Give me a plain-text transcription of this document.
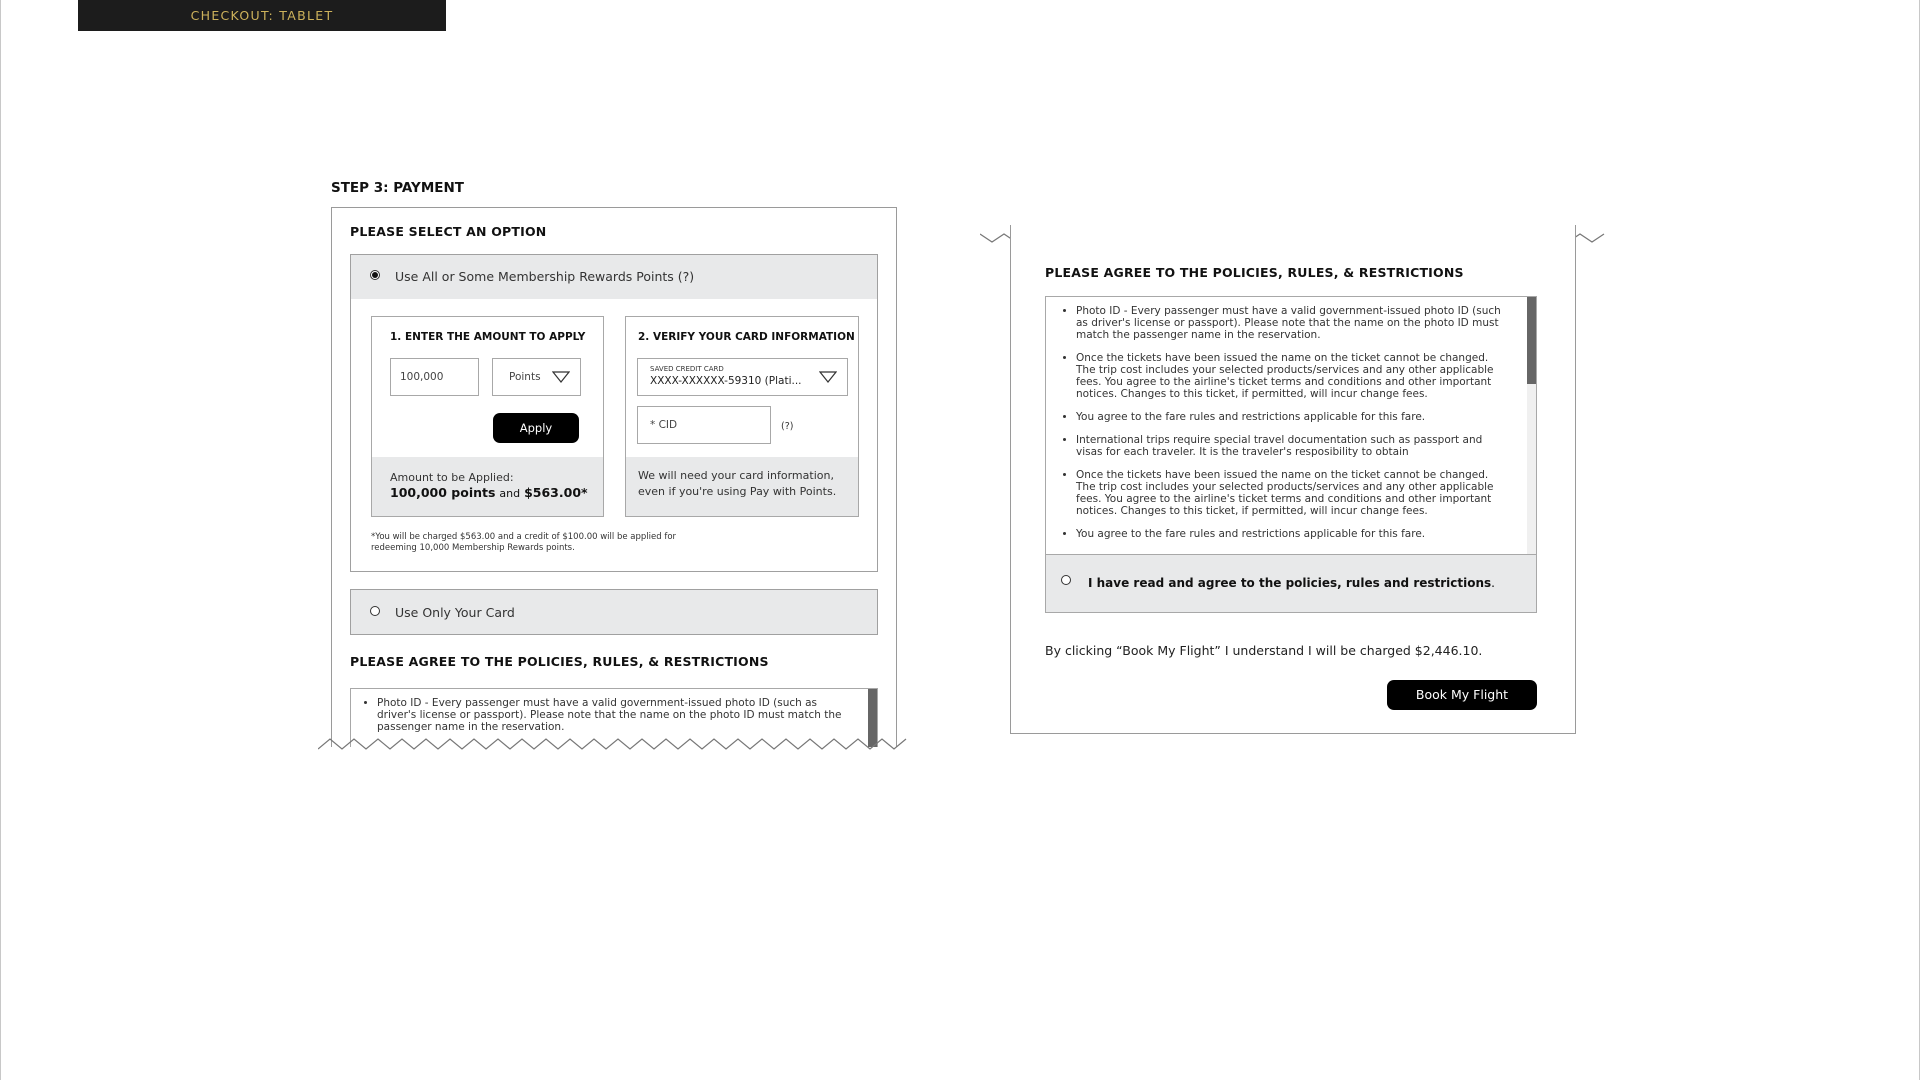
CHECKOUT: TABLET
STEP 3: PAYMENT
PLEASE SELECT AN OPTION
Use All or Some Membership Rewards Points (?)
1. ENTER THE AMOUNT TO APPLY
100,000	Points
Apply
Amount to be Applied:
100,000 points and $563.00*
2. VERIFY YOUR CARD INFORMATION
SAVED CREDIT CARD
XXXX-XXXXXX-59310 (Plati...
* CID	(?)
We will need your card information,
even if you're using Pay with Points.
*You will be charged $563.00 and a credit of $100.00 will be applied for
redeeming 10,000 Membership Rewards points.
Use Only Your Card
PLEASE AGREE TO THE POLICIES, RULES, & RESTRICTIONS
• Photo ID - Every passenger must have a valid government-issued photo ID (such as driver's license or passport). Please note that the name on the photo ID must match the passenger name in the reservation.
PLEASE AGREE TO THE POLICIES, RULES, & RESTRICTIONS
• Photo ID - Every passenger must have a valid government-issued photo ID (such as driver's license or passport). Please note that the name on the photo ID must match the passenger name in the reservation.
• Once the tickets have been issued the name on the ticket cannot be changed. The trip cost includes your selected products/services and any other applicable fees. You agree to the airline's ticket terms and conditions and other important notices. Changes to this ticket, if permitted, will incur change fees.
• You agree to the fare rules and restrictions applicable for this fare.
• International trips require special travel documentation such as passport and visas for each traveler. It is the traveler's resposibility to obtain
• Once the tickets have been issued the name on the ticket cannot be changed. The trip cost includes your selected products/services and any other applicable fees. You agree to the airline's ticket terms and conditions and other important notices. Changes to this ticket, if permitted, will incur change fees.
• You agree to the fare rules and restrictions applicable for this fare.
I have read and agree to the policies, rules and restrictions.
By clicking “Book My Flight” I understand I will be charged $2,446.10.
Book My Flight
